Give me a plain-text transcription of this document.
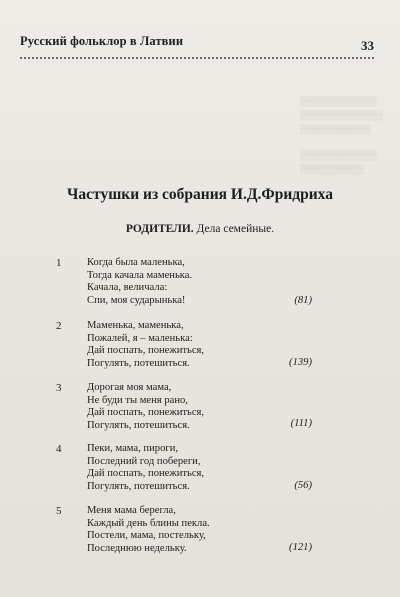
▒▒▒▒▒▒▒▒▒▒▒▒
▒▒▒▒▒▒▒▒▒▒▒▒▒
▒▒▒▒▒▒▒▒▒▒▒
▒▒▒▒▒▒▒▒▒▒▒▒
▒▒▒▒▒▒▒▒▒▒
Русский фольклор в Латвии	33
Частушки из собрания И.Д.Фридриха
РОДИТЕЛИ. Дела семейные.
1 Когда была маленька,
Тогда качала маменька.
Качала, величала:
Спи, моя сударынька!	(81)
2 Маменька, маменька,
Пожалей, я – маленька:
Дай поспать, понежиться,
Погулять, потешиться.	(139)
3 Дорогая моя мама,
Не буди ты меня рано,
Дай поспать, понежиться,
Погулять, потешиться.	(111)
4 Пеки, мама, пироги,
Последний год побереги,
Дай поспать, понежиться,
Погулять, потешиться.	(56)
5 Меня мама берегла,
Каждый день блины пекла.
Постели, мама, постельку,
Последнюю недельку.	(121)
